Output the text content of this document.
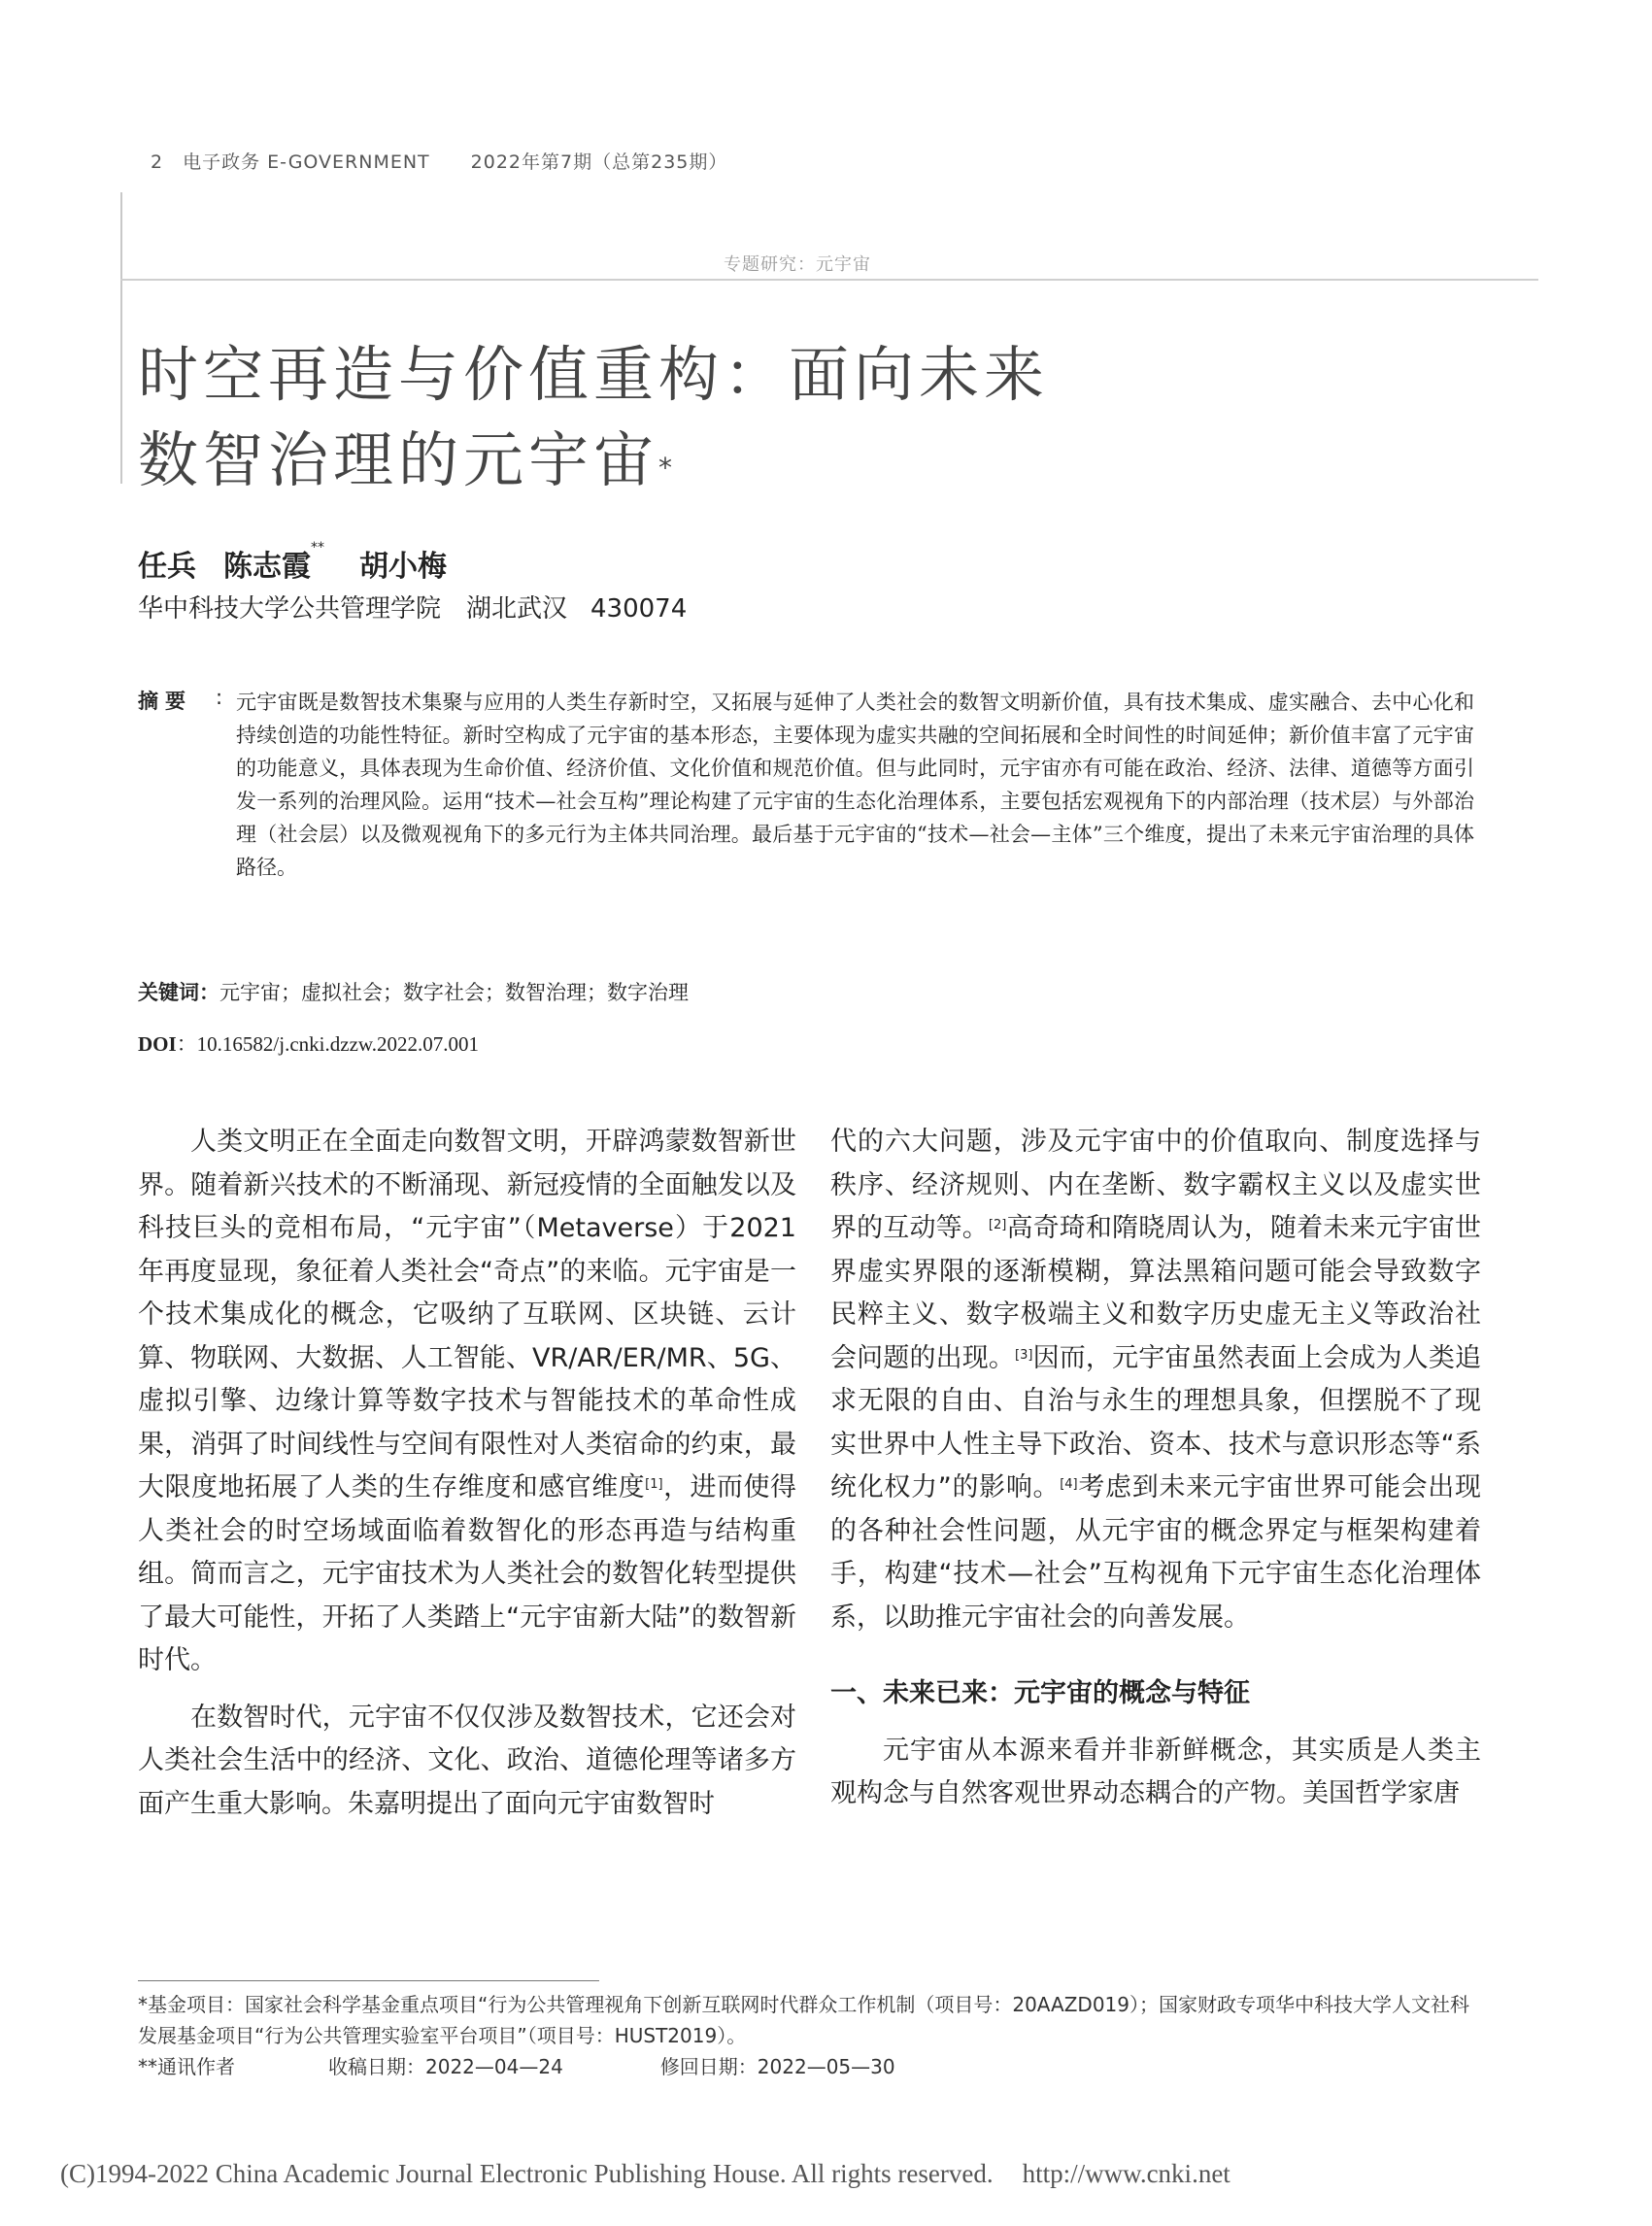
2 电子政务 E-GOVERNMENT 2022年第7期（总第235期）
专题研究：元宇宙
时空再造与价值重构：面向未来
数智治理的元宇宙*
任兵 陈志霞**胡小梅
华中科技大学公共管理学院　湖北武汉 430074
摘要 : 元宇宙既是数智技术集聚与应用的人类生存新时空，又拓展与延伸了人类社会的数智文明新价值，具有技术集成、虚实融合、去中心化和持续创造的功能性特征。新时空构成了元宇宙的基本形态，主要体现为虚实共融的空间拓展和全时间性的时间延伸；新价值丰富了元宇宙的功能意义，具体表现为生命价值、经济价值、文化价值和规范价值。但与此同时，元宇宙亦有可能在政治、经济、法律、道德等方面引发一系列的治理风险。运用“技术—社会互构”理论构建了元宇宙的生态化治理体系，主要包括宏观视角下的内部治理（技术层）与外部治理（社会层）以及微观视角下的多元行为主体共同治理。最后基于元宇宙的“技术—社会—主体”三个维度，提出了未来元宇宙治理的具体路径。
关键词：元宇宙；虚拟社会；数字社会；数智治理；数字治理
DOI：10.16582/j.cnki.dzzw.2022.07.001

人类文明正在全面走向数智文明，开辟鸿蒙数智新世界。随着新兴技术的不断涌现、新冠疫情的全面触发以及科技巨头的竞相布局，“元宇宙”（Metaverse）于2021年再度显现，象征着人类社会“奇点”的来临。元宇宙是一个技术集成化的概念，它吸纳了互联网、区块链、云计算、物联网、大数据、人工智能、VR/AR/ER/MR、5G、虚拟引擎、边缘计算等数字技术与智能技术的革命性成果，消弭了时间线性与空间有限性对人类宿命的约束，最大限度地拓展了人类的生存维度和感官维度[1]，进而使得人类社会的时空场域面临着数智化的形态再造与结构重组。简而言之，元宇宙技术为人类社会的数智化转型提供了最大可能性，开拓了人类踏上“元宇宙新大陆”的数智新时代。

在数智时代，元宇宙不仅仅涉及数智技术，它还会对人类社会生活中的经济、文化、政治、道德伦理等诸多方面产生重大影响。朱嘉明提出了面向元宇宙数智时

代的六大问题，涉及元宇宙中的价值取向、制度选择与秩序、经济规则、内在垄断、数字霸权主义以及虚实世界的互动等。[2]高奇琦和隋晓周认为，随着未来元宇宙世界虚实界限的逐渐模糊，算法黑箱问题可能会导致数字民粹主义、数字极端主义和数字历史虚无主义等政治社会问题的出现。[3]因而，元宇宙虽然表面上会成为人类追求无限的自由、自治与永生的理想具象，但摆脱不了现实世界中人性主导下政治、资本、技术与意识形态等“系统化权力”的影响。[4]考虑到未来元宇宙世界可能会出现的各种社会性问题，从元宇宙的概念界定与框架构建着手，构建“技术—社会”互构视角下元宇宙生态化治理体系，以助推元宇宙社会的向善发展。

一、未来已来：元宇宙的概念与特征

元宇宙从本源来看并非新鲜概念，其实质是人类主观构念与自然客观世界动态耦合的产物。美国哲学家唐

*基金项目：国家社会科学基金重点项目“行为公共管理视角下创新互联网时代群众工作机制（项目号：20AAZD019）；国家财政专项华中科技大学人文社科发展基金项目“行为公共管理实验室平台项目”（项目号：HUST2019）。
**通讯作者	收稿日期：2022—04—24	修回日期：2022—05—30
(C)1994-2022 China Academic Journal Electronic Publishing House. All rights reserved. http://www.cnki.net
